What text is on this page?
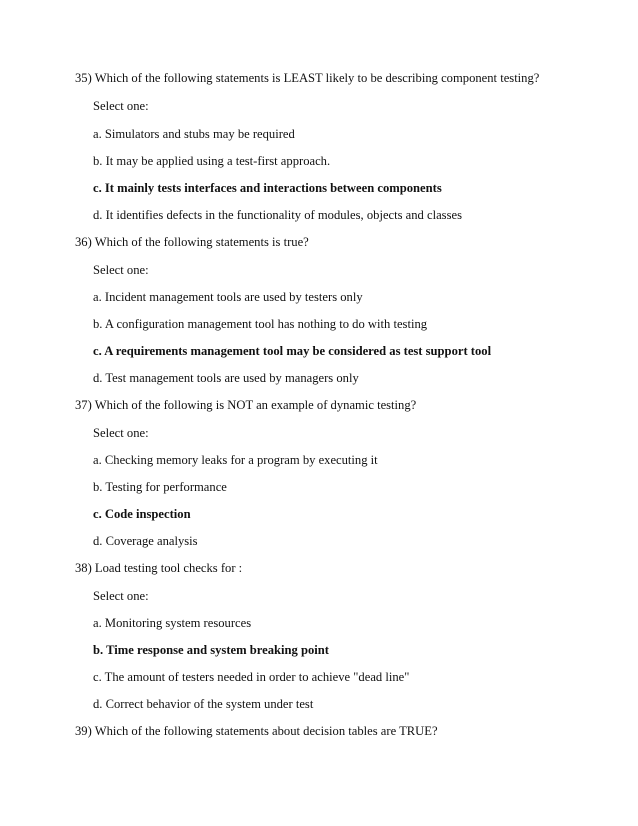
35) Which of the following statements is LEAST likely to be describing component testing?
Select one:
a. Simulators and stubs may be required
b. It may be applied using a test-first approach.
c. It mainly tests interfaces and interactions between components
d. It identifies defects in the functionality of modules, objects and classes
36) Which of the following statements is true?
Select one:
a. Incident management tools are used by testers only
b. A configuration management tool has nothing to do with testing
c. A requirements management tool may be considered as test support tool
d. Test management tools are used by managers only
37) Which of the following is NOT an example of dynamic testing?
Select one:
a. Checking memory leaks for a program by executing it
b. Testing for performance
c. Code inspection
d. Coverage analysis
38) Load testing tool checks for :
Select one:
a. Monitoring system resources
b. Time response and system breaking point
c. The amount of testers needed in order to achieve "dead line"
d. Correct behavior of the system under test
39) Which of the following statements about decision tables are TRUE?
